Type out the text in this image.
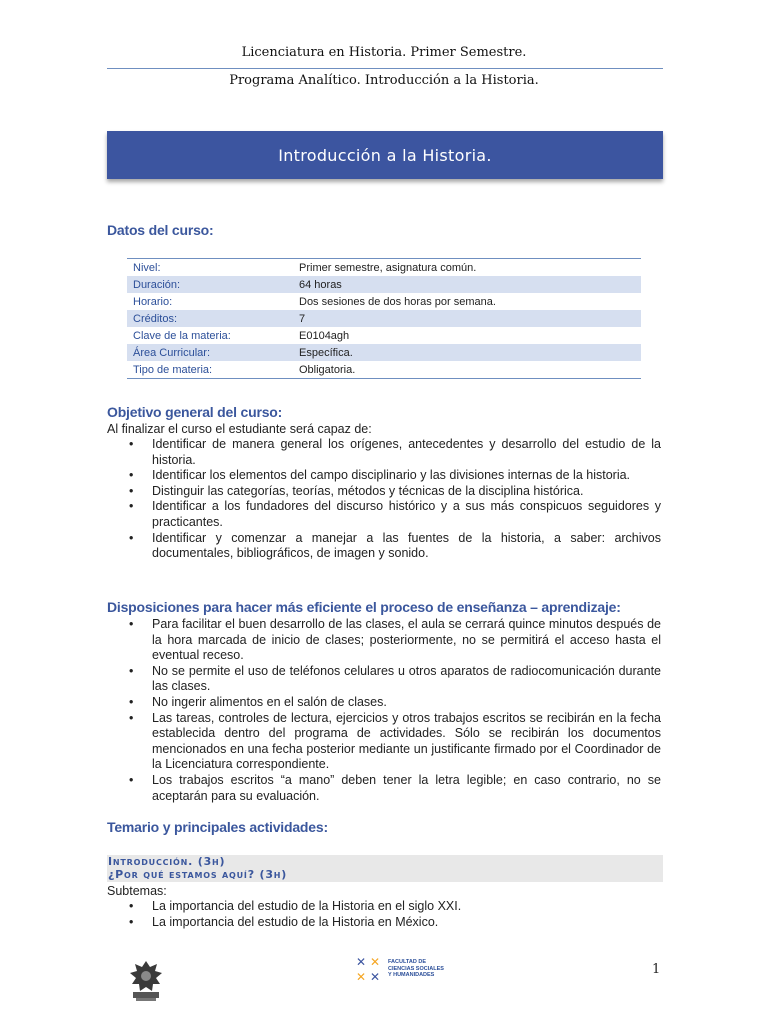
Licenciatura en Historia. Primer Semestre.
Programa Analítico. Introducción a la Historia.
Introducción a la Historia.
Datos del curso:
Nivel:	Primer semestre, asignatura común.
Duración:	64 horas
Horario:	Dos sesiones de dos horas por semana.
Créditos:	7
Clave de la materia:	E0104agh
Área Curricular:	Específica.
Tipo de materia:	Obligatoria.
Objetivo general del curso:
Al finalizar el curso el estudiante será capaz de:
• Identificar de manera general los orígenes, antecedentes y desarrollo del estudio de la historia.
• Identificar los elementos del campo disciplinario y las divisiones internas de la historia.
• Distinguir las categorías, teorías, métodos y técnicas de la disciplina histórica.
• Identificar a los fundadores del discurso histórico y a sus más conspicuos seguidores y practicantes.
• Identificar y comenzar a manejar a las fuentes de la historia, a saber: archivos documentales, bibliográficos, de imagen y sonido.
Disposiciones para hacer más eficiente el proceso de enseñanza – aprendizaje:
• Para facilitar el buen desarrollo de las clases, el aula se cerrará quince minutos después de la hora marcada de inicio de clases; posteriormente, no se permitirá el acceso hasta el eventual receso.
• No se permite el uso de teléfonos celulares u otros aparatos de radiocomunicación durante las clases.
• No ingerir alimentos en el salón de clases.
• Las tareas, controles de lectura, ejercicios y otros trabajos escritos se recibirán en la fecha establecida dentro del programa de actividades. Sólo se recibirán los documentos mencionados en una fecha posterior mediante un justificante firmado por el Coordinador de la Licenciatura correspondiente.
• Los trabajos escritos “a mano” deben tener la letra legible; en caso contrario, no se aceptarán para su evaluación.
Temario y principales actividades:
Introducción. (3h)
¿Por qué estamos aquí? (3h)
Subtemas:
• La importancia del estudio de la Historia en el siglo XXI.
• La importancia del estudio de la Historia en México.
✕ ✕
✕ ✕
FACULTAD DE
CIENCIAS SOCIALES
Y HUMANIDADES	1
